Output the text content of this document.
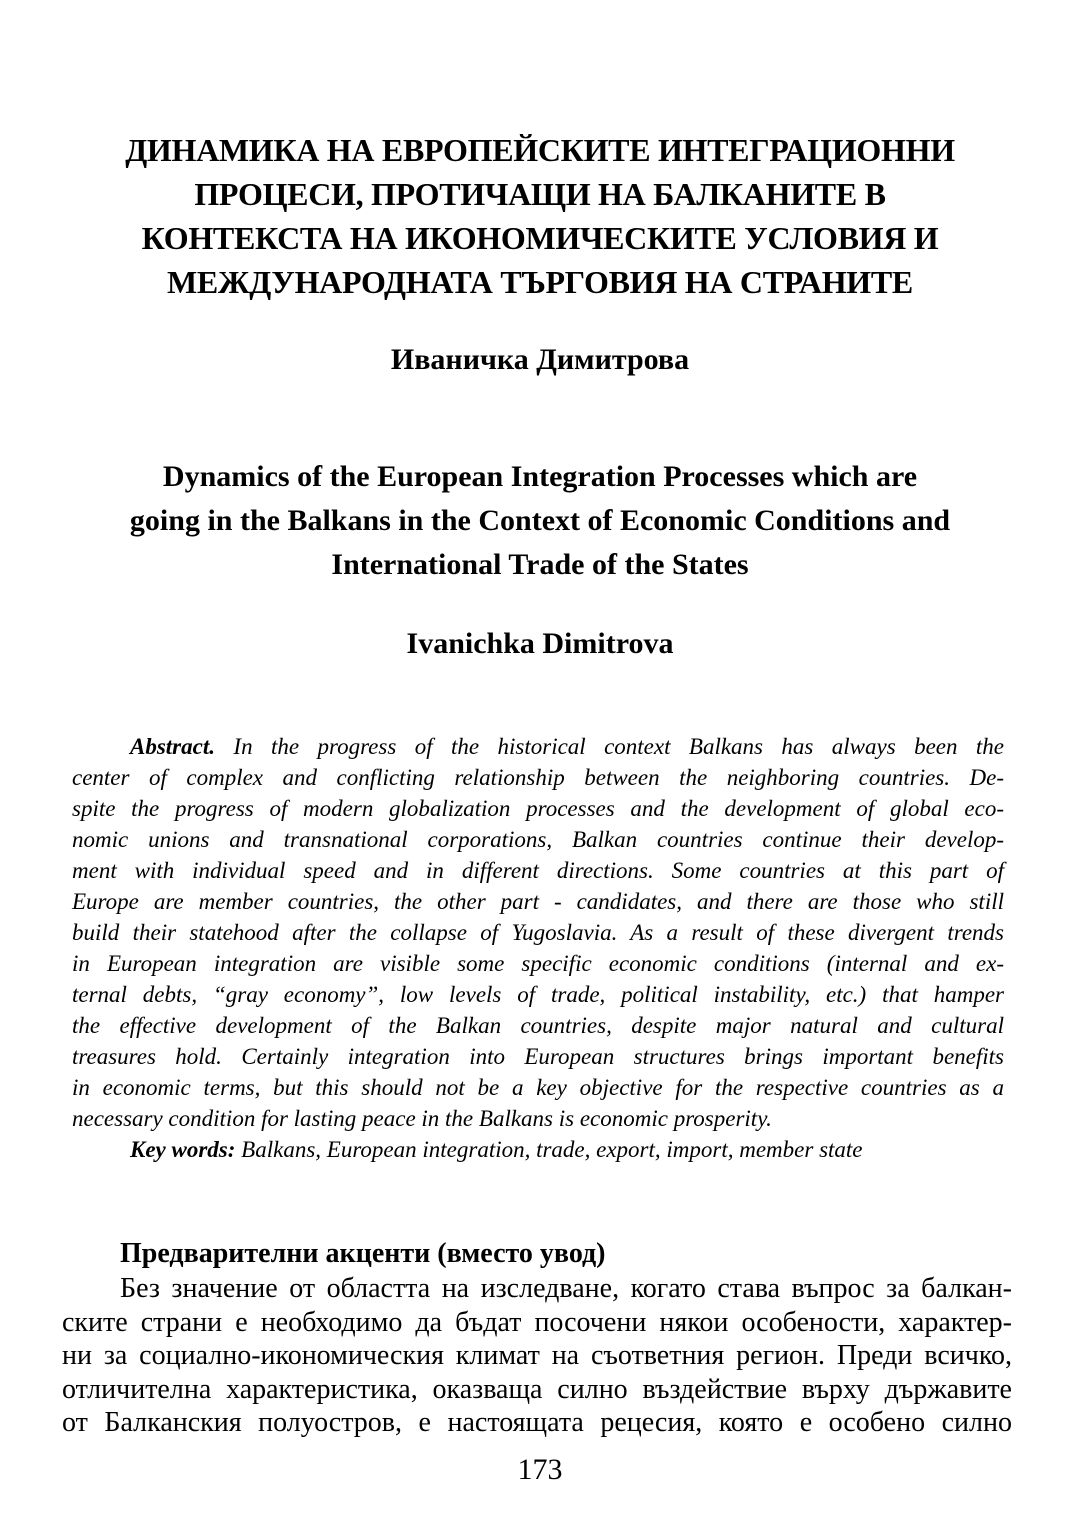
ДИНАМИКА НА ЕВРОПЕЙСКИТЕ ИНТЕГРАЦИОННИ
ПРОЦЕСИ, ПРОТИЧАЩИ НА БАЛКАНИТЕ В
КОНТЕКСТА НА ИКОНОМИЧЕСКИТЕ УСЛОВИЯ И
МЕЖДУНАРОДНАТА ТЪРГОВИЯ НА СТРАНИТЕ
Иваничка Димитрова
Dynamics of the European Integration Processes which are
going in the Balkans in the Context of Economic Conditions and
International Trade of the States
Ivanichka Dimitrova
Abstract. In the progress of the historical context Balkans has always been the
center of complex and conflicting relationship between the neighboring countries. De-
spite the progress of modern globalization processes and the development of global eco-
nomic unions and transnational corporations, Balkan countries continue their develop-
ment with individual speed and in different directions. Some countries at this part of
Europe are member countries, the other part - candidates, and there are those who still
build their statehood after the collapse of Yugoslavia. As a result of these divergent trends
in European integration are visible some specific economic conditions (internal and ex-
ternal debts, “gray economy”, low levels of trade, political instability, etc.) that hamper
the effective development of the Balkan countries, despite major natural and cultural
treasures hold. Certainly integration into European structures brings important benefits
in economic terms, but this should not be a key objective for the respective countries as a
necessary condition for lasting peace in the Balkans is economic prosperity.
Key words: Balkans, European integration, trade, export, import, member state
Предварителни акценти (вместо увод)
Без значение от областта на изследване, когато става въпрос за балкан-
ските страни е необходимо да бъдат посочени някои особености, характер-
ни за социално-икономическия климат на съответния регион. Преди всичко,
отличителна характеристика, оказваща силно въздействие върху държавите
от Балканския полуостров, е настоящата рецесия, която е особено силно
173
